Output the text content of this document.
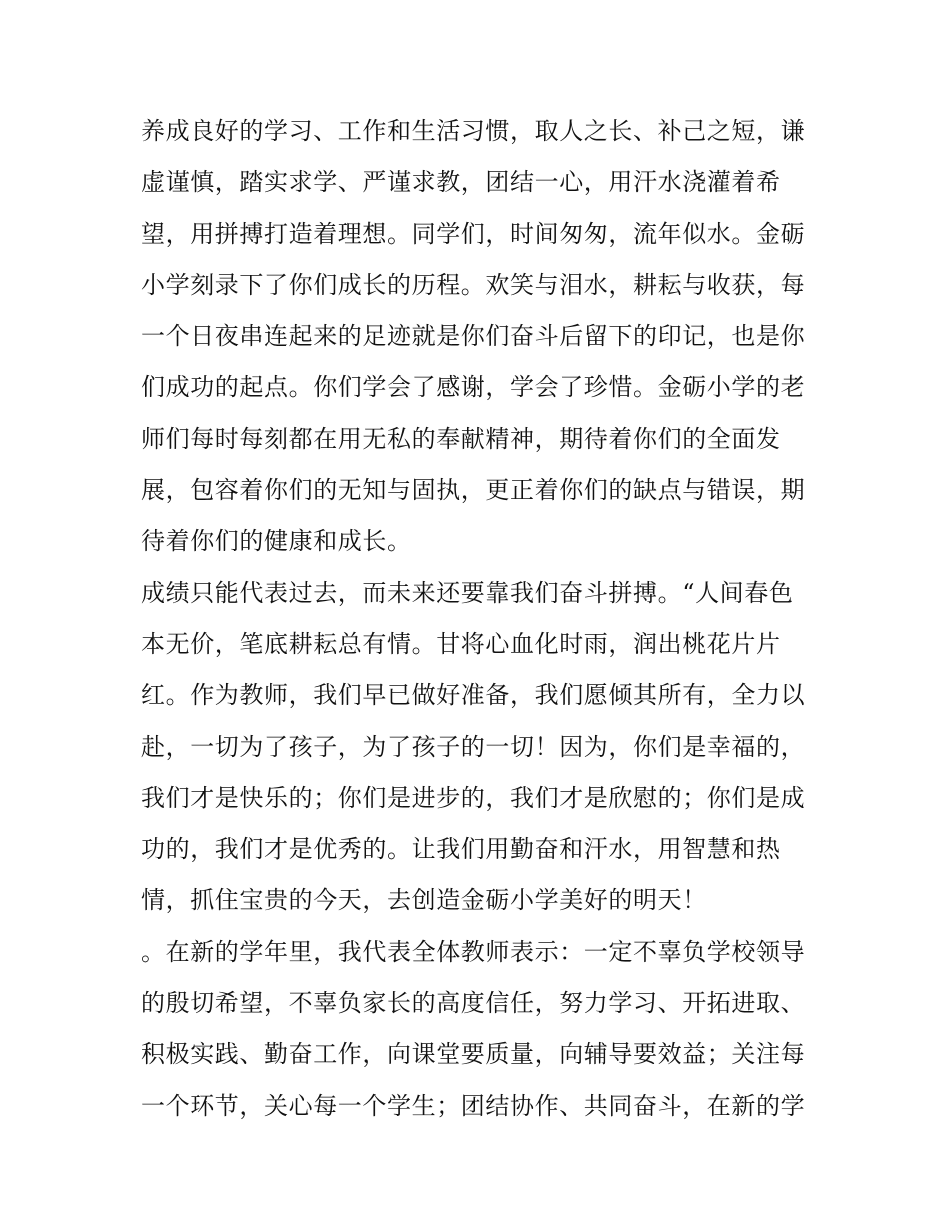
养成良好的学习、工作和生活习惯，取人之长、补己之短，谦
虚谨慎，踏实求学、严谨求教，团结一心，用汗水浇灌着希
望，用拼搏打造着理想。同学们，时间匆匆，流年似水。金砺
小学刻录下了你们成长的历程。欢笑与泪水，耕耘与收获，每
一个日夜串连起来的足迹就是你们奋斗后留下的印记，也是你
们成功的起点。你们学会了感谢，学会了珍惜。金砺小学的老
师们每时每刻都在用无私的奉献精神，期待着你们的全面发
展，包容着你们的无知与固执，更正着你们的缺点与错误，期
待着你们的健康和成长。
成绩只能代表过去，而未来还要靠我们奋斗拼搏。“人间春色
本无价，笔底耕耘总有情。甘将心血化时雨，润出桃花片片
红。作为教师，我们早已做好准备，我们愿倾其所有，全力以
赴，一切为了孩子，为了孩子的一切！因为，你们是幸福的，
我们才是快乐的；你们是进步的，我们才是欣慰的；你们是成
功的，我们才是优秀的。让我们用勤奋和汗水，用智慧和热
情，抓住宝贵的今天，去创造金砺小学美好的明天！
。在新的学年里，我代表全体教师表示：一定不辜负学校领导
的殷切希望，不辜负家长的高度信任，努力学习、开拓进取、
积极实践、勤奋工作，向课堂要质量，向辅导要效益；关注每
一个环节，关心每一个学生；团结协作、共同奋斗，在新的学
